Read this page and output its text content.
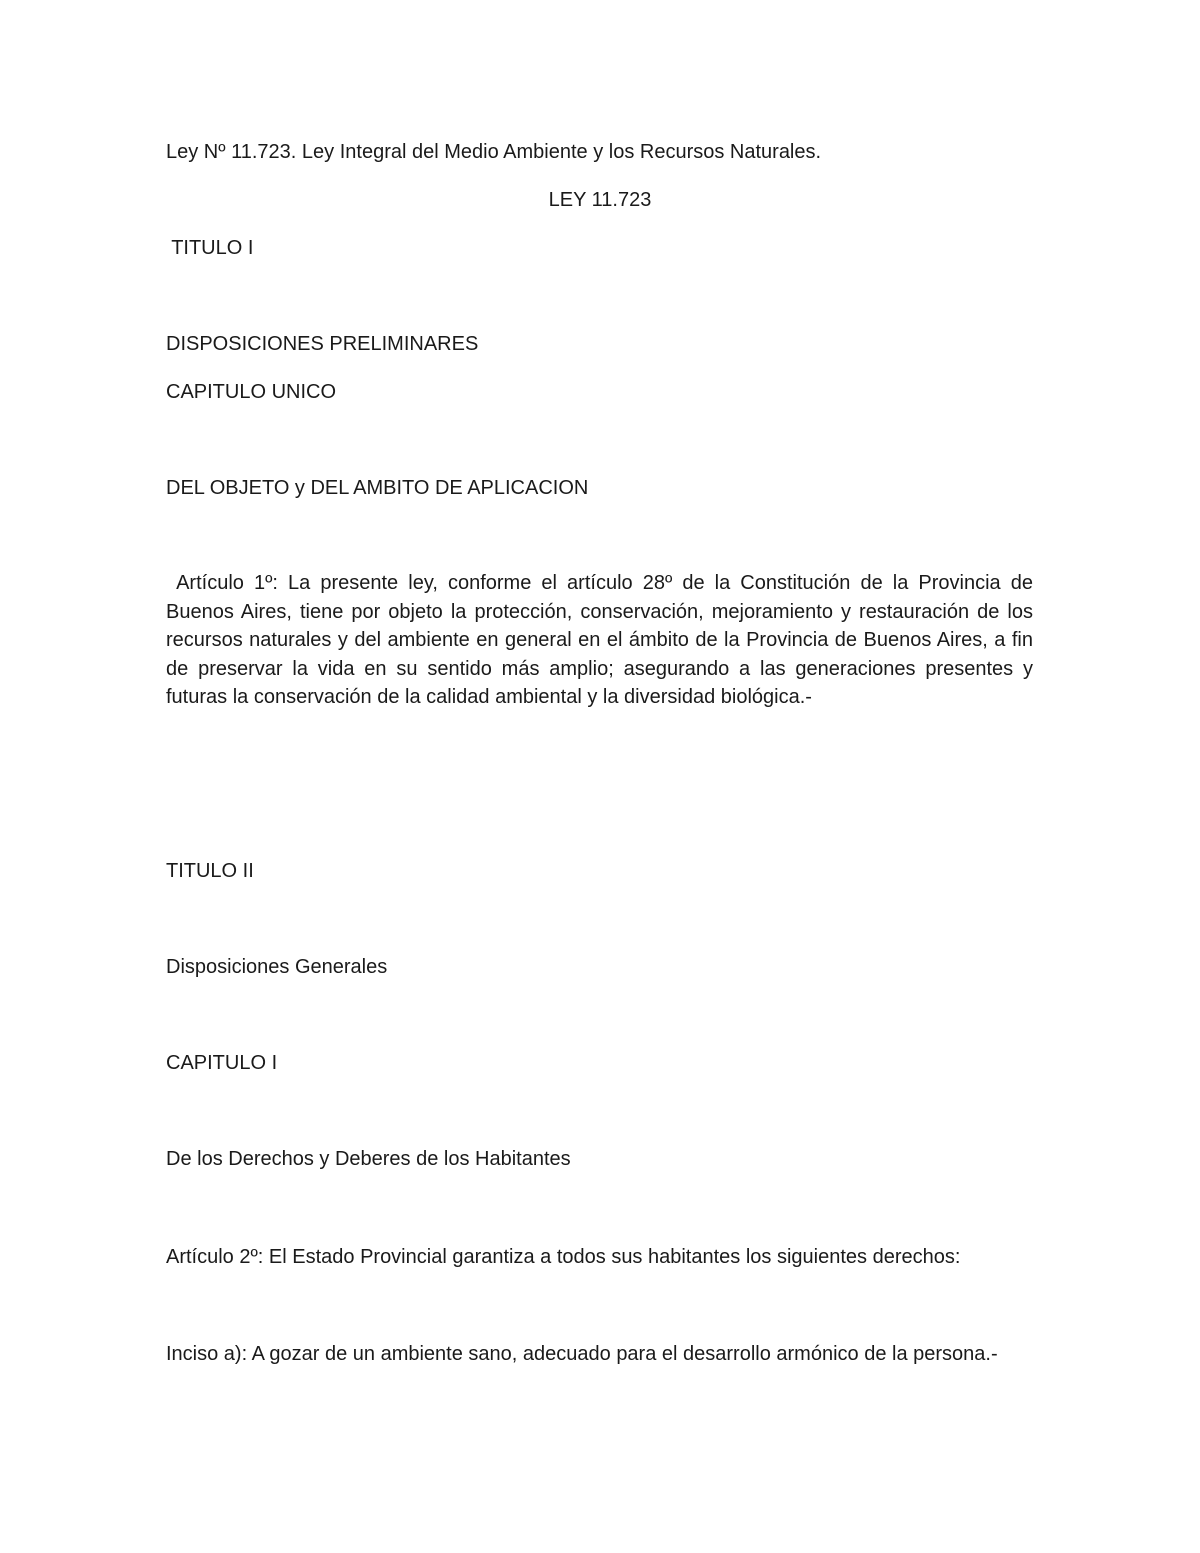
Ley Nº 11.723. Ley Integral del Medio Ambiente y los Recursos Naturales.

LEY 11.723

TITULO I

DISPOSICIONES PRELIMINARES

CAPITULO UNICO

DEL OBJETO y DEL AMBITO DE APLICACION

Artículo 1º: La presente ley, conforme el artículo 28º de la Constitución de la Provincia de Buenos Aires, tiene por objeto la protección, conservación, mejoramiento y restauración de los recursos naturales y del ambiente en general en el ámbito de la Provincia de Buenos Aires, a fin de preservar la vida en su sentido más amplio; asegurando a las generaciones presentes y futuras la conservación de la calidad ambiental y la diversidad biológica.-

TITULO II

Disposiciones Generales

CAPITULO I

De los Derechos y Deberes de los Habitantes

Artículo 2º: El Estado Provincial garantiza a todos sus habitantes los siguientes derechos:

Inciso a): A gozar de un ambiente sano, adecuado para el desarrollo armónico de la persona.-
